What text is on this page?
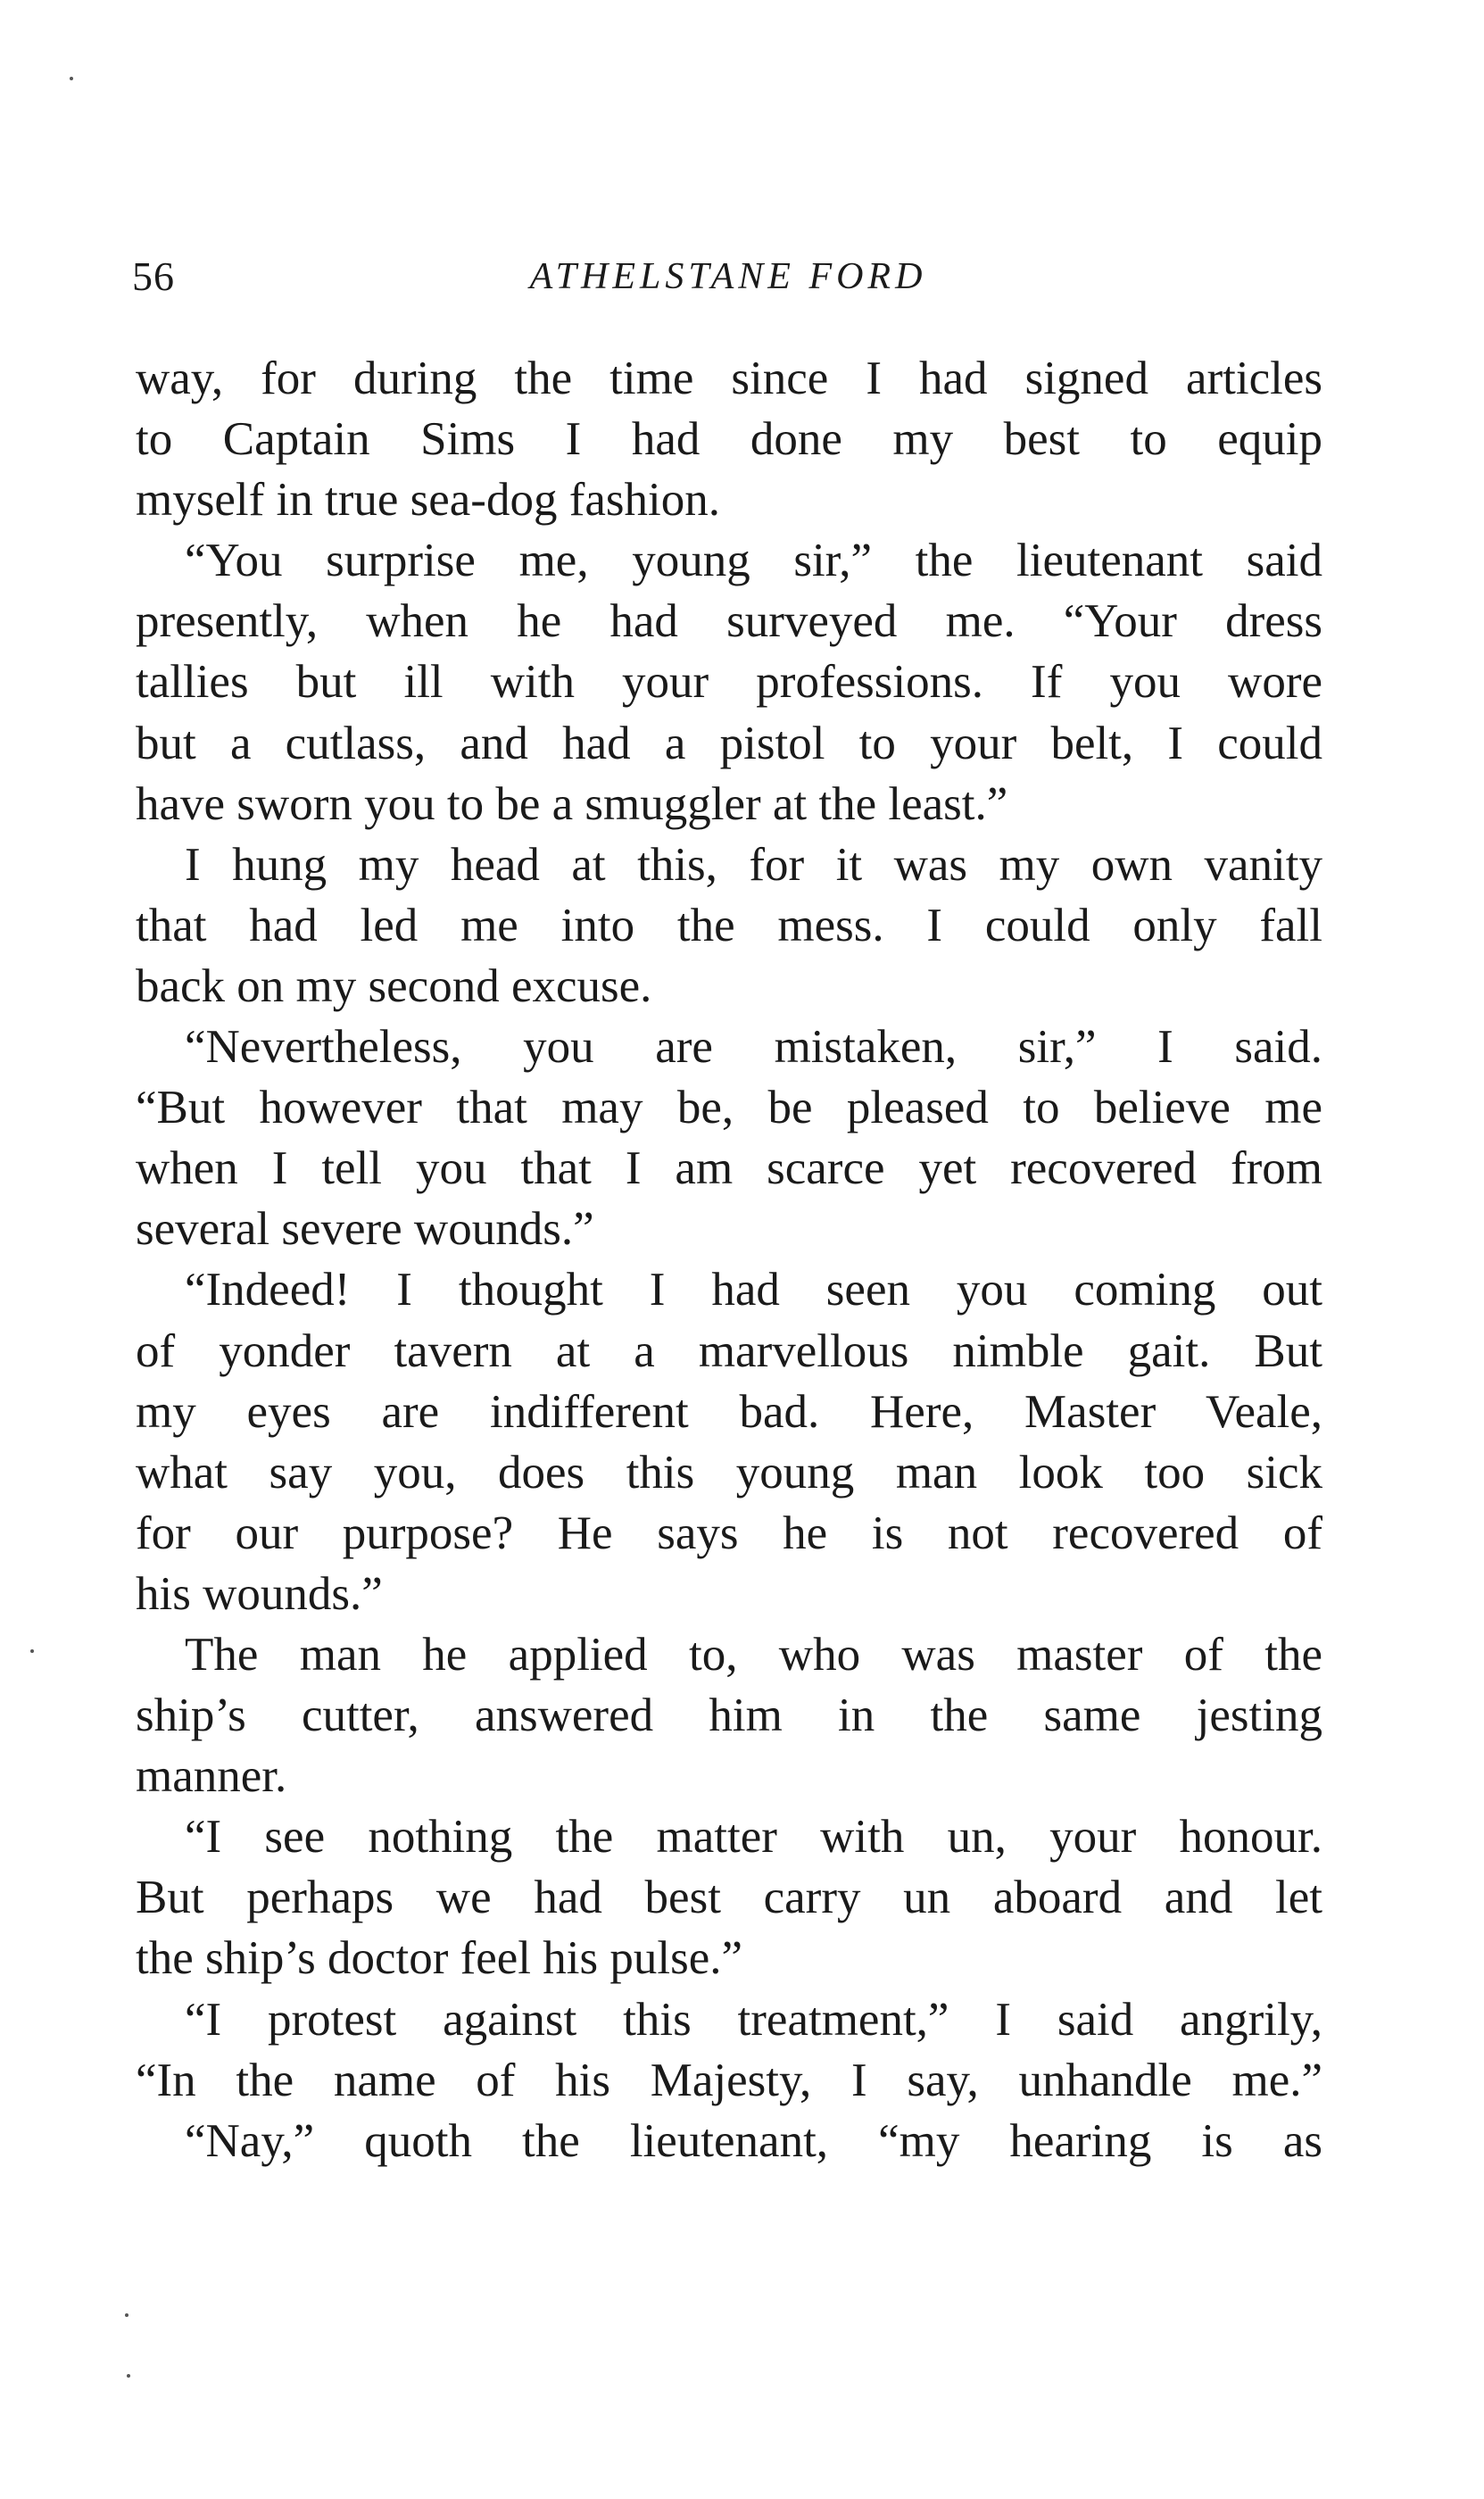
56	ATHELSTANE FORD
way, for during the time since I had signed articles
to Captain Sims I had done my best to equip
myself in true sea-dog fashion.
“You surprise me, young sir,” the lieutenant said
presently, when he had surveyed me. “Your dress
tallies but ill with your professions. If you wore
but a cutlass, and had a pistol to your belt, I could
have sworn you to be a smuggler at the least.”
I hung my head at this, for it was my own vanity
that had led me into the mess. I could only fall
back on my second excuse.
“Nevertheless, you are mistaken, sir,” I said.
“But however that may be, be pleased to believe me
when I tell you that I am scarce yet recovered from
several severe wounds.”
“Indeed! I thought I had seen you coming out
of yonder tavern at a marvellous nimble gait. But
my eyes are indifferent bad. Here, Master Veale,
what say you, does this young man look too sick
for our purpose? He says he is not recovered of
his wounds.”
The man he applied to, who was master of the
ship’s cutter, answered him in the same jesting
manner.
“I see nothing the matter with un, your honour.
But perhaps we had best carry un aboard and let
the ship’s doctor feel his pulse.”
“I protest against this treatment,” I said angrily,
“In the name of his Majesty, I say, unhandle me.”
“Nay,” quoth the lieutenant, “my hearing is as
